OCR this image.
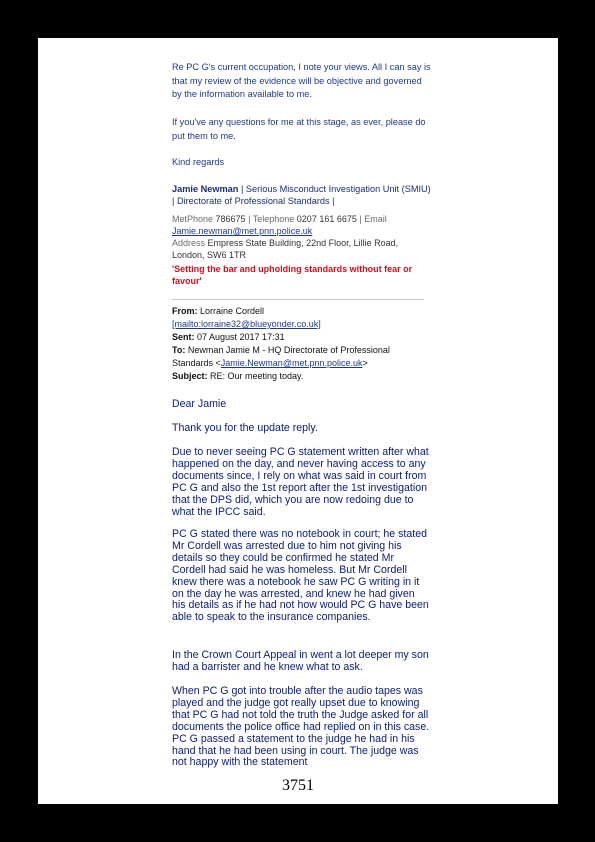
Re PC G's current occupation, I note your views. All I can say is that my review of the evidence will be objective and governed by the information available to me.
If you've any questions for me at this stage, as ever, please do put them to me.
Kind regards
Jamie Newman | Serious Misconduct Investigation Unit (SMIU) | Directorate of Professional Standards |
MetPhone 786675 | Telephone 0207 161 6675 | Email
Jamie.newman@met.pnn.police.uk
Address Empress State Building, 22nd Floor, Lillie Road, London, SW6 1TR
'Setting the bar and upholding standards without fear or favour'
From: Lorraine Cordell
[mailto:lorraine32@blueyonder.co.uk]
Sent: 07 August 2017 17:31
To: Newman Jamie M - HQ Directorate of Professional Standards <Jamie.Newman@met.pnn.police.uk>
Subject: RE: Our meeting today.
Dear Jamie
Thank you for the update reply.
Due to never seeing PC G statement written after what happened on the day, and never having access to any documents since, I rely on what was said in court from PC G and also the 1st report after the 1st investigation that the DPS did, which you are now redoing due to what the IPCC said.
PC G stated there was no notebook in court; he stated Mr Cordell was arrested due to him not giving his details so they could be confirmed he stated Mr Cordell had said he was homeless. But Mr Cordell knew there was a notebook he saw PC G writing in it on the day he was arrested, and knew he had given his details as if he had not how would PC G have been able to speak to the insurance companies.
In the Crown Court Appeal in went a lot deeper my son had a barrister and he knew what to ask.
When PC G got into trouble after the audio tapes was played and the judge got really upset due to knowing that PC G had not told the truth the Judge asked for all documents the police office had replied on in this case. PC G passed a statement to the judge he had in his hand that he had been using in court. The judge was not happy with the statement
3751
